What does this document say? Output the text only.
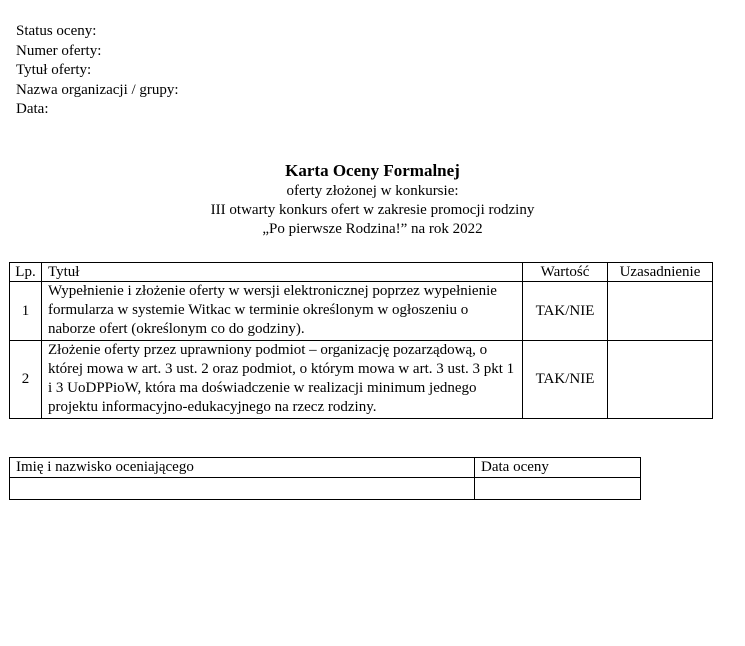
Status oceny:
Numer oferty:
Tytuł oferty:
Nazwa organizacji / grupy:
Data:
Karta Oceny Formalnej
oferty złożonej w konkursie:
III otwarty konkurs ofert w zakresie promocji rodziny
„Po pierwsze Rodzina!” na rok 2022
Lp.	Tytuł	Wartość	Uzasadnienie
1	Wypełnienie i złożenie oferty w wersji elektronicznej poprzez wypełnienie formularza w systemie Witkac w terminie określonym w ogłoszeniu o naborze ofert (określonym co do godziny).	TAK/NIE	
2	Złożenie oferty przez uprawniony podmiot – organizację pozarządową, o której mowa w art. 3 ust. 2 oraz podmiot, o którym mowa w art. 3 ust. 3 pkt 1 i 3 UoDPPioW, która ma doświadczenie w realizacji minimum jednego projektu informacyjno-edukacyjnego na rzecz rodziny.	TAK/NIE	
Imię i nazwisko oceniającego	Data oceny
